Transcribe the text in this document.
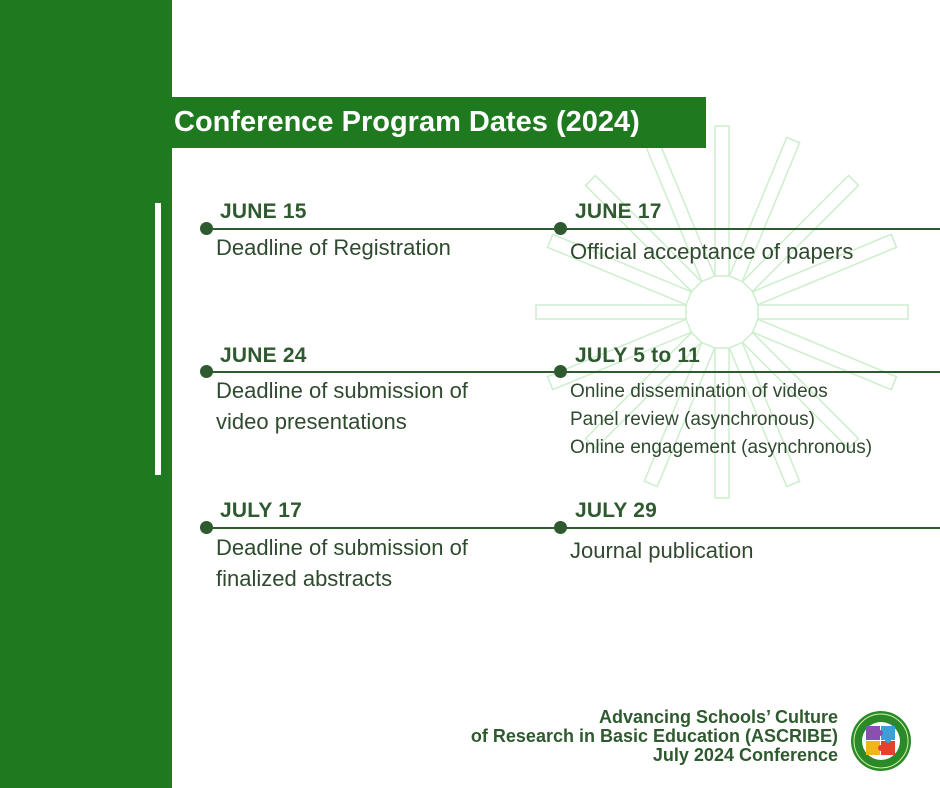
Conference Program Dates (2024)
JUNE 15
Deadline of Registration
JUNE 17
Official acceptance of papers
JUNE 24
Deadline of submission of
video presentations
JULY 5 to 11
Online dissemination of videos
Panel review (asynchronous)
Online engagement (asynchronous)
JULY 17
Deadline of submission of
finalized abstracts
JULY 29
Journal publication
Advancing Schools’ Culture
of Research in Basic Education (ASCRIBE)
July 2024 Conference
